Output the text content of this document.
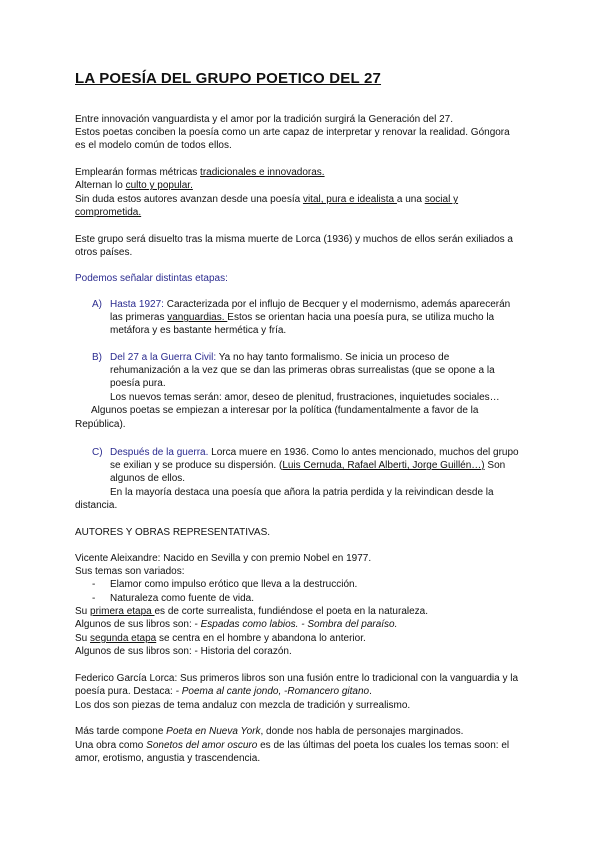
LA POESÍA DEL GRUPO POETICO DEL 27
Entre innovación vanguardista y el amor por la tradición surgirá la Generación del 27.
Estos poetas conciben la poesía como un arte capaz de interpretar y renovar la realidad. Góngora
es el modelo común de todos ellos.
Emplearán formas métricas tradicionales e innovadoras.
Alternan lo culto y popular.
Sin duda estos autores avanzan desde una poesía vital, pura e idealista a una social y
comprometida.
Este grupo será disuelto tras la misma muerte de Lorca (1936) y muchos de ellos serán exiliados a
otros países.
Podemos señalar distintas etapas:
A) Hasta 1927: Caracterizada por el influjo de Becquer y el modernismo, además aparecerán
las primeras vanguardias. Estos se orientan hacia una poesía pura, se utiliza mucho la
metáfora y es bastante hermética y fría.
B) Del 27 a la Guerra Civil: Ya no hay tanto formalismo. Se inicia un proceso de
rehumanización a la vez que se dan las primeras obras surrealistas (que se opone a la
poesía pura.
Los nuevos temas serán: amor, deseo de plenitud, frustraciones, inquietudes sociales…
Algunos poetas se empiezan a interesar por la política (fundamentalmente a favor de la
República).
C) Después de la guerra. Lorca muere en 1936. Como lo antes mencionado, muchos del grupo
se exilian y se produce su dispersión. (Luis Cernuda, Rafael Alberti, Jorge Guillén…) Son
algunos de ellos.
En la mayoría destaca una poesía que añora la patria perdida y la reivindican desde la
distancia.
AUTORES Y OBRAS REPRESENTATIVAS.
Vicente Aleixandre: Nacido en Sevilla y con premio Nobel en 1977.
Sus temas son variados:
- Elamor como impulso erótico que lleva a la destrucción.
- Naturaleza como fuente de vida.
Su primera etapa es de corte surrealista, fundiéndose el poeta en la naturaleza.
Algunos de sus libros son: - Espadas como labios. - Sombra del paraíso.
Su segunda etapa se centra en el hombre y abandona lo anterior.
Algunos de sus libros son: - Historia del corazón.
Federico García Lorca: Sus primeros libros son una fusión entre lo tradicional con la vanguardia y la
poesía pura. Destaca: - Poema al cante jondo, -Romancero gitano.
Los dos son piezas de tema andaluz con mezcla de tradición y surrealismo.
Más tarde compone Poeta en Nueva York, donde nos habla de personajes marginados.
Una obra como Sonetos del amor oscuro es de las últimas del poeta los cuales los temas soon: el
amor, erotismo, angustia y trascendencia.
